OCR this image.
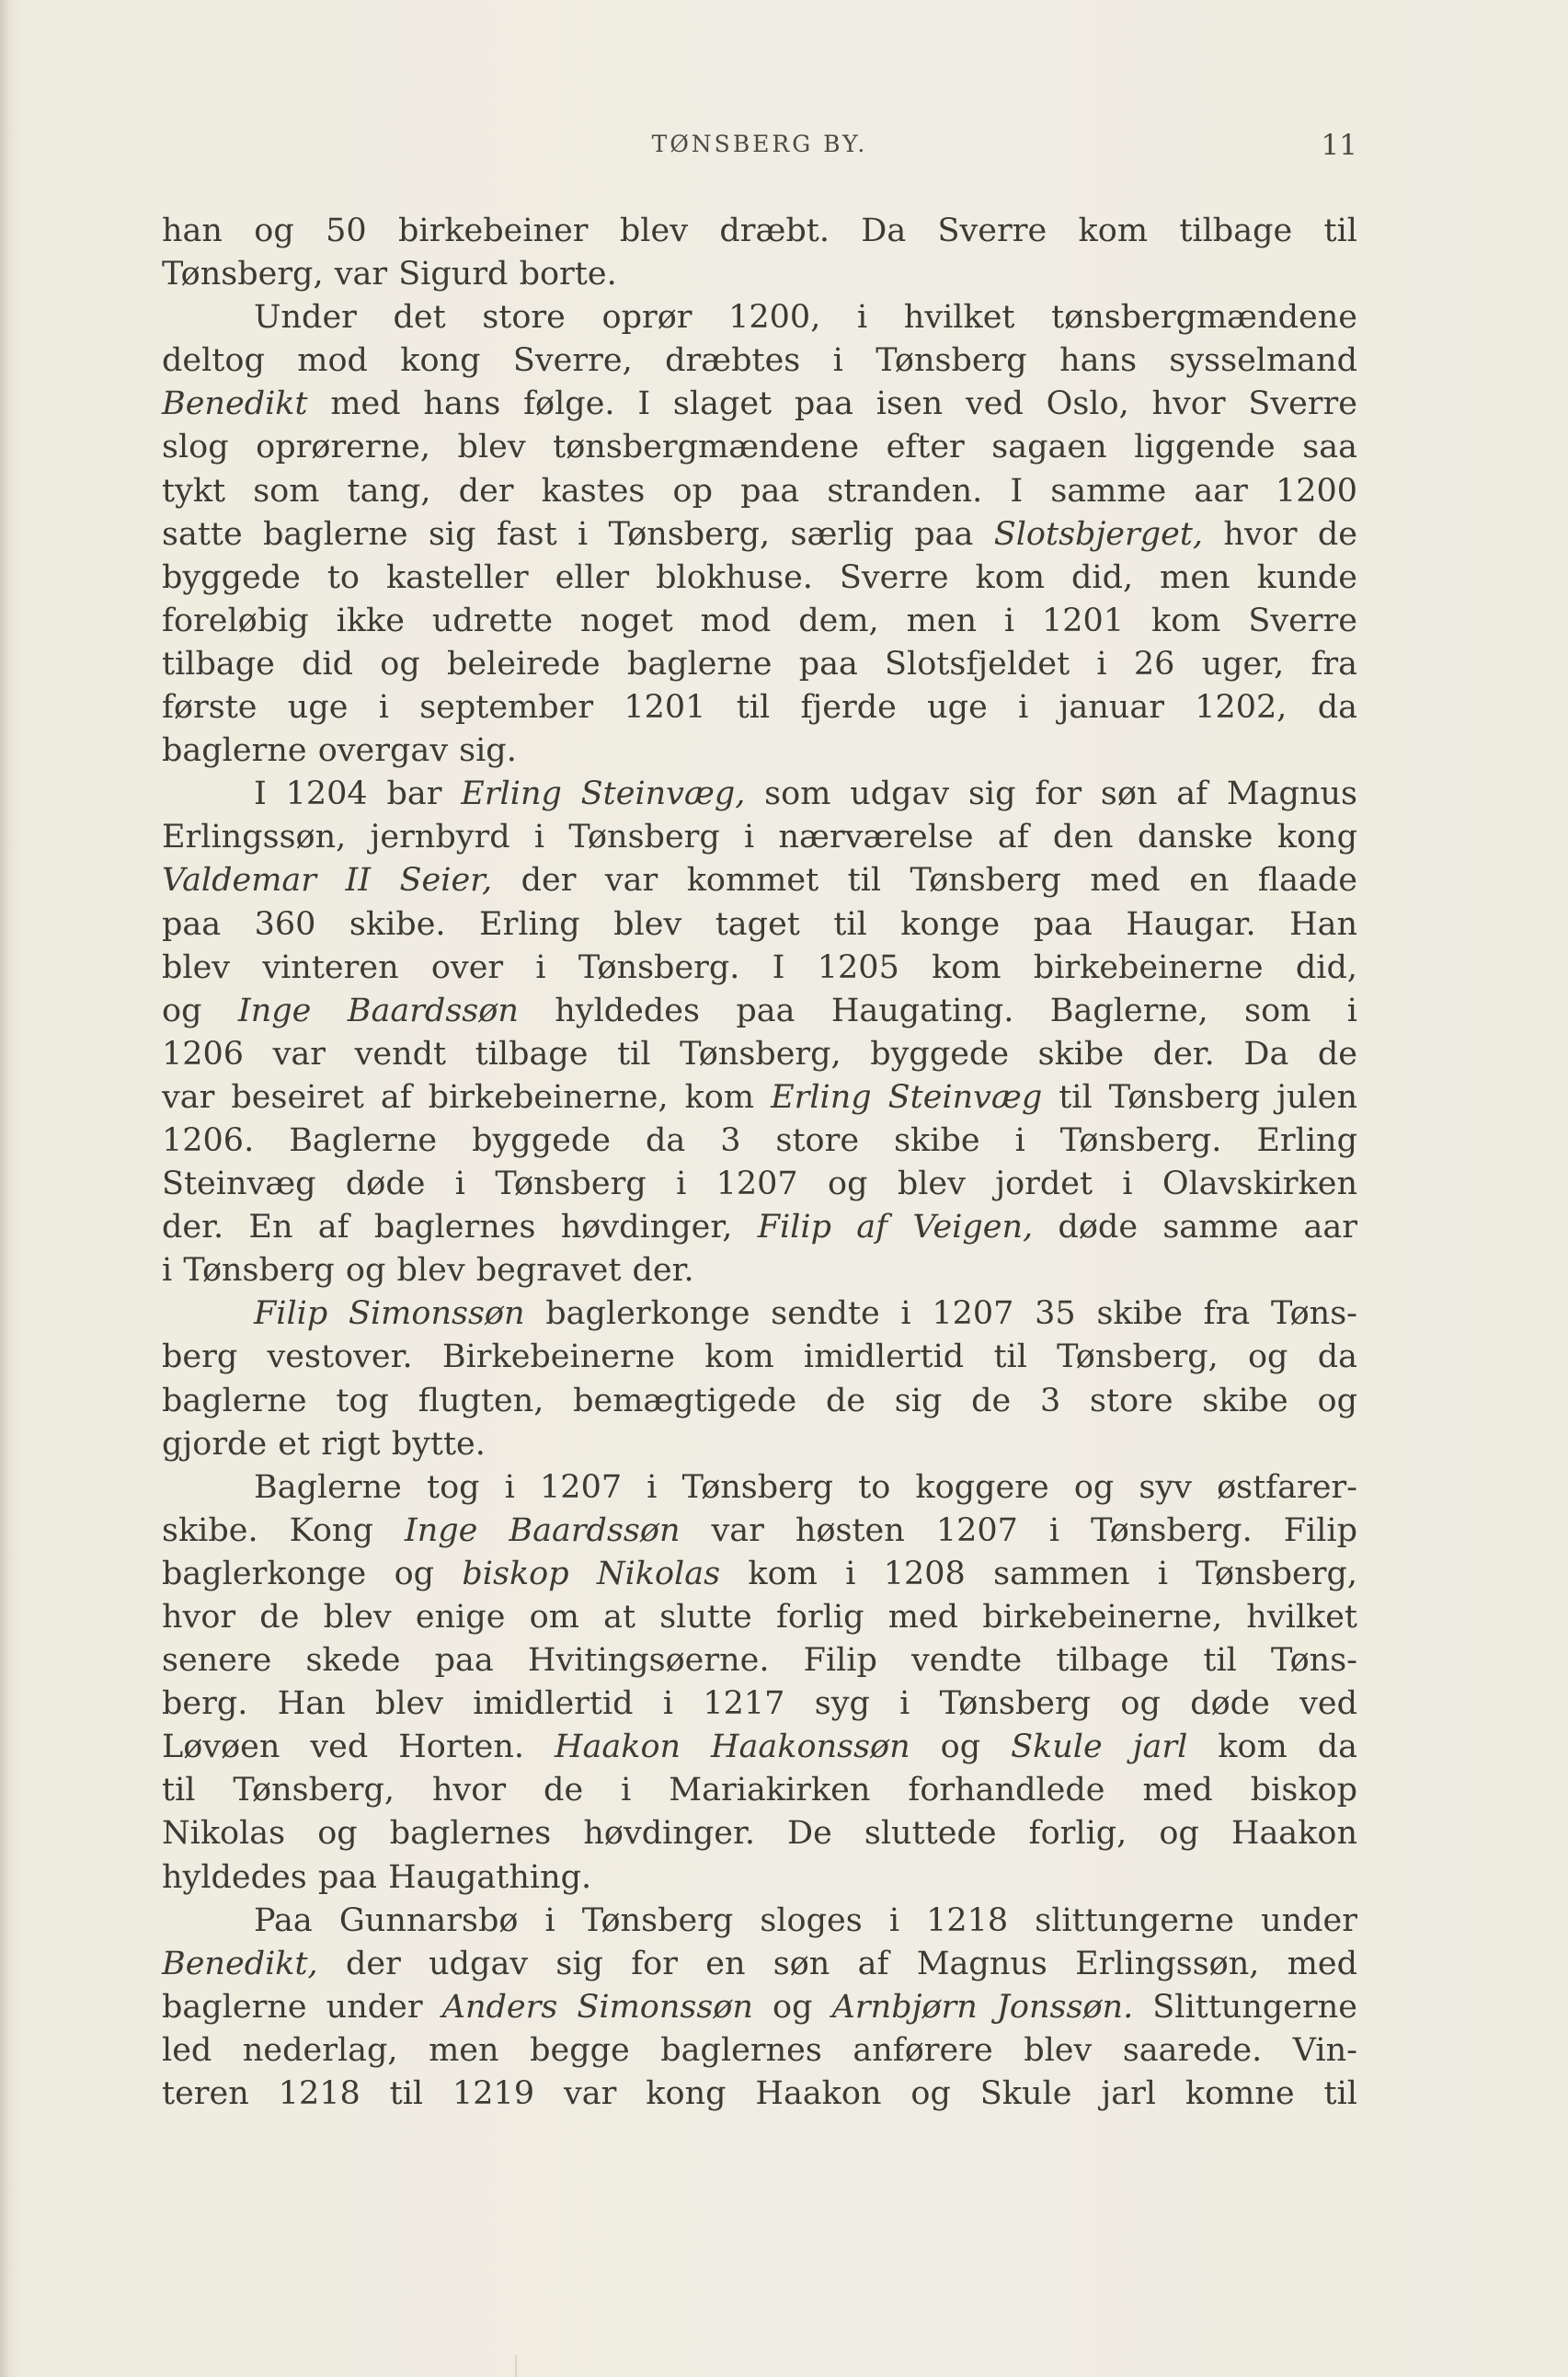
TØNSBERG BY.	11
han og 50 birkebeiner blev dræbt. Da Sverre kom tilbage til
Tønsberg, var Sigurd borte.
Under det store oprør 1200, i hvilket tønsbergmændene
deltog mod kong Sverre, dræbtes i Tønsberg hans sysselmand
Benedikt med hans følge. I slaget paa isen ved Oslo, hvor Sverre
slog oprørerne, blev tønsbergmændene efter sagaen liggende saa
tykt som tang, der kastes op paa stranden. I samme aar 1200
satte baglerne sig fast i Tønsberg, særlig paa Slotsbjerget, hvor de
byggede to kasteller eller blokhuse. Sverre kom did, men kunde
foreløbig ikke udrette noget mod dem, men i 1201 kom Sverre
tilbage did og beleirede baglerne paa Slotsfjeldet i 26 uger, fra
første uge i september 1201 til fjerde uge i januar 1202, da
baglerne overgav sig.
I 1204 bar Erling Steinvæg, som udgav sig for søn af Magnus
Erlingssøn, jernbyrd i Tønsberg i nærværelse af den danske kong
Valdemar II Seier, der var kommet til Tønsberg med en flaade
paa 360 skibe. Erling blev taget til konge paa Haugar. Han
blev vinteren over i Tønsberg. I 1205 kom birkebeinerne did,
og Inge Baardssøn hyldedes paa Haugating. Baglerne, som i
1206 var vendt tilbage til Tønsberg, byggede skibe der. Da de
var beseiret af birkebeinerne, kom Erling Steinvæg til Tønsberg julen
1206. Baglerne byggede da 3 store skibe i Tønsberg. Erling
Steinvæg døde i Tønsberg i 1207 og blev jordet i Olavskirken
der. En af baglernes høvdinger, Filip af Veigen, døde samme aar
i Tønsberg og blev begravet der.
Filip Simonssøn baglerkonge sendte i 1207 35 skibe fra Tøns-
berg vestover. Birkebeinerne kom imidlertid til Tønsberg, og da
baglerne tog flugten, bemægtigede de sig de 3 store skibe og
gjorde et rigt bytte.
Baglerne tog i 1207 i Tønsberg to koggere og syv østfarer-
skibe. Kong Inge Baardssøn var høsten 1207 i Tønsberg. Filip
baglerkonge og biskop Nikolas kom i 1208 sammen i Tønsberg,
hvor de blev enige om at slutte forlig med birkebeinerne, hvilket
senere skede paa Hvitingsøerne. Filip vendte tilbage til Tøns-
berg. Han blev imidlertid i 1217 syg i Tønsberg og døde ved
Løvøen ved Horten. Haakon Haakonssøn og Skule jarl kom da
til Tønsberg, hvor de i Mariakirken forhandlede med biskop
Nikolas og baglernes høvdinger. De sluttede forlig, og Haakon
hyldedes paa Haugathing.
Paa Gunnarsbø i Tønsberg sloges i 1218 slittungerne under
Benedikt, der udgav sig for en søn af Magnus Erlingssøn, med
baglerne under Anders Simonssøn og Arnbjørn Jonssøn. Slittungerne
led nederlag, men begge baglernes anførere blev saarede. Vin-
teren 1218 til 1219 var kong Haakon og Skule jarl komne til
